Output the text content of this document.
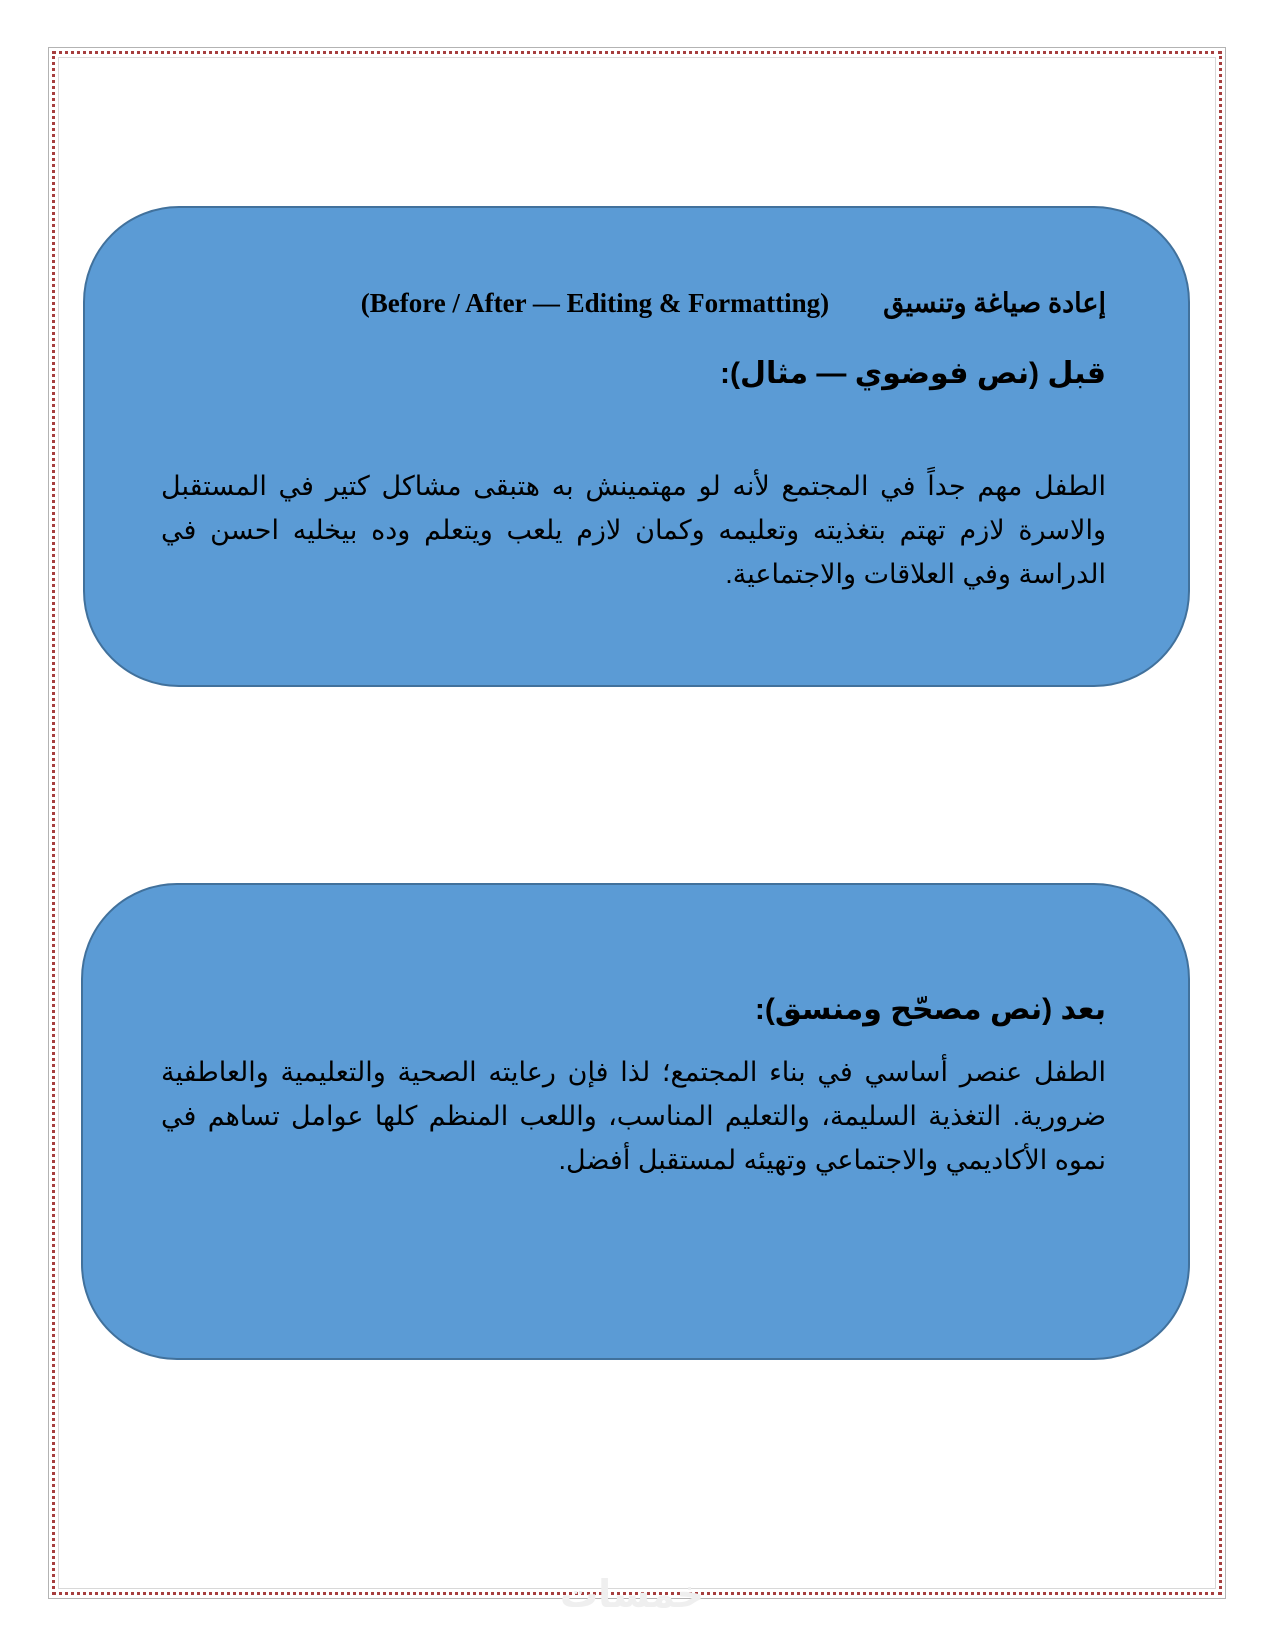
إعادة صياغة وتنسيق(Before / After — Editing & Formatting)
قبل (نص فوضوي — مثال):

الطفل مهم جداً في المجتمع لأنه لو مهتمينش به هتبقى مشاكل كتير في المستقبل والاسرة لازم تهتم بتغذيته وتعليمه وكمان لازم يلعب ويتعلم وده بيخليه احسن في الدراسة وفي العلاقات والاجتماعية.

بعد (نص مصحّح ومنسق):

الطفل عنصر أساسي في بناء المجتمع؛ لذا فإن رعايته الصحية والتعليمية والعاطفية ضرورية. التغذية السليمة، والتعليم المناسب، واللعب المنظم كلها عوامل تساهم في نموه الأكاديمي والاجتماعي وتهيئه لمستقبل أفضل.

خمسات
